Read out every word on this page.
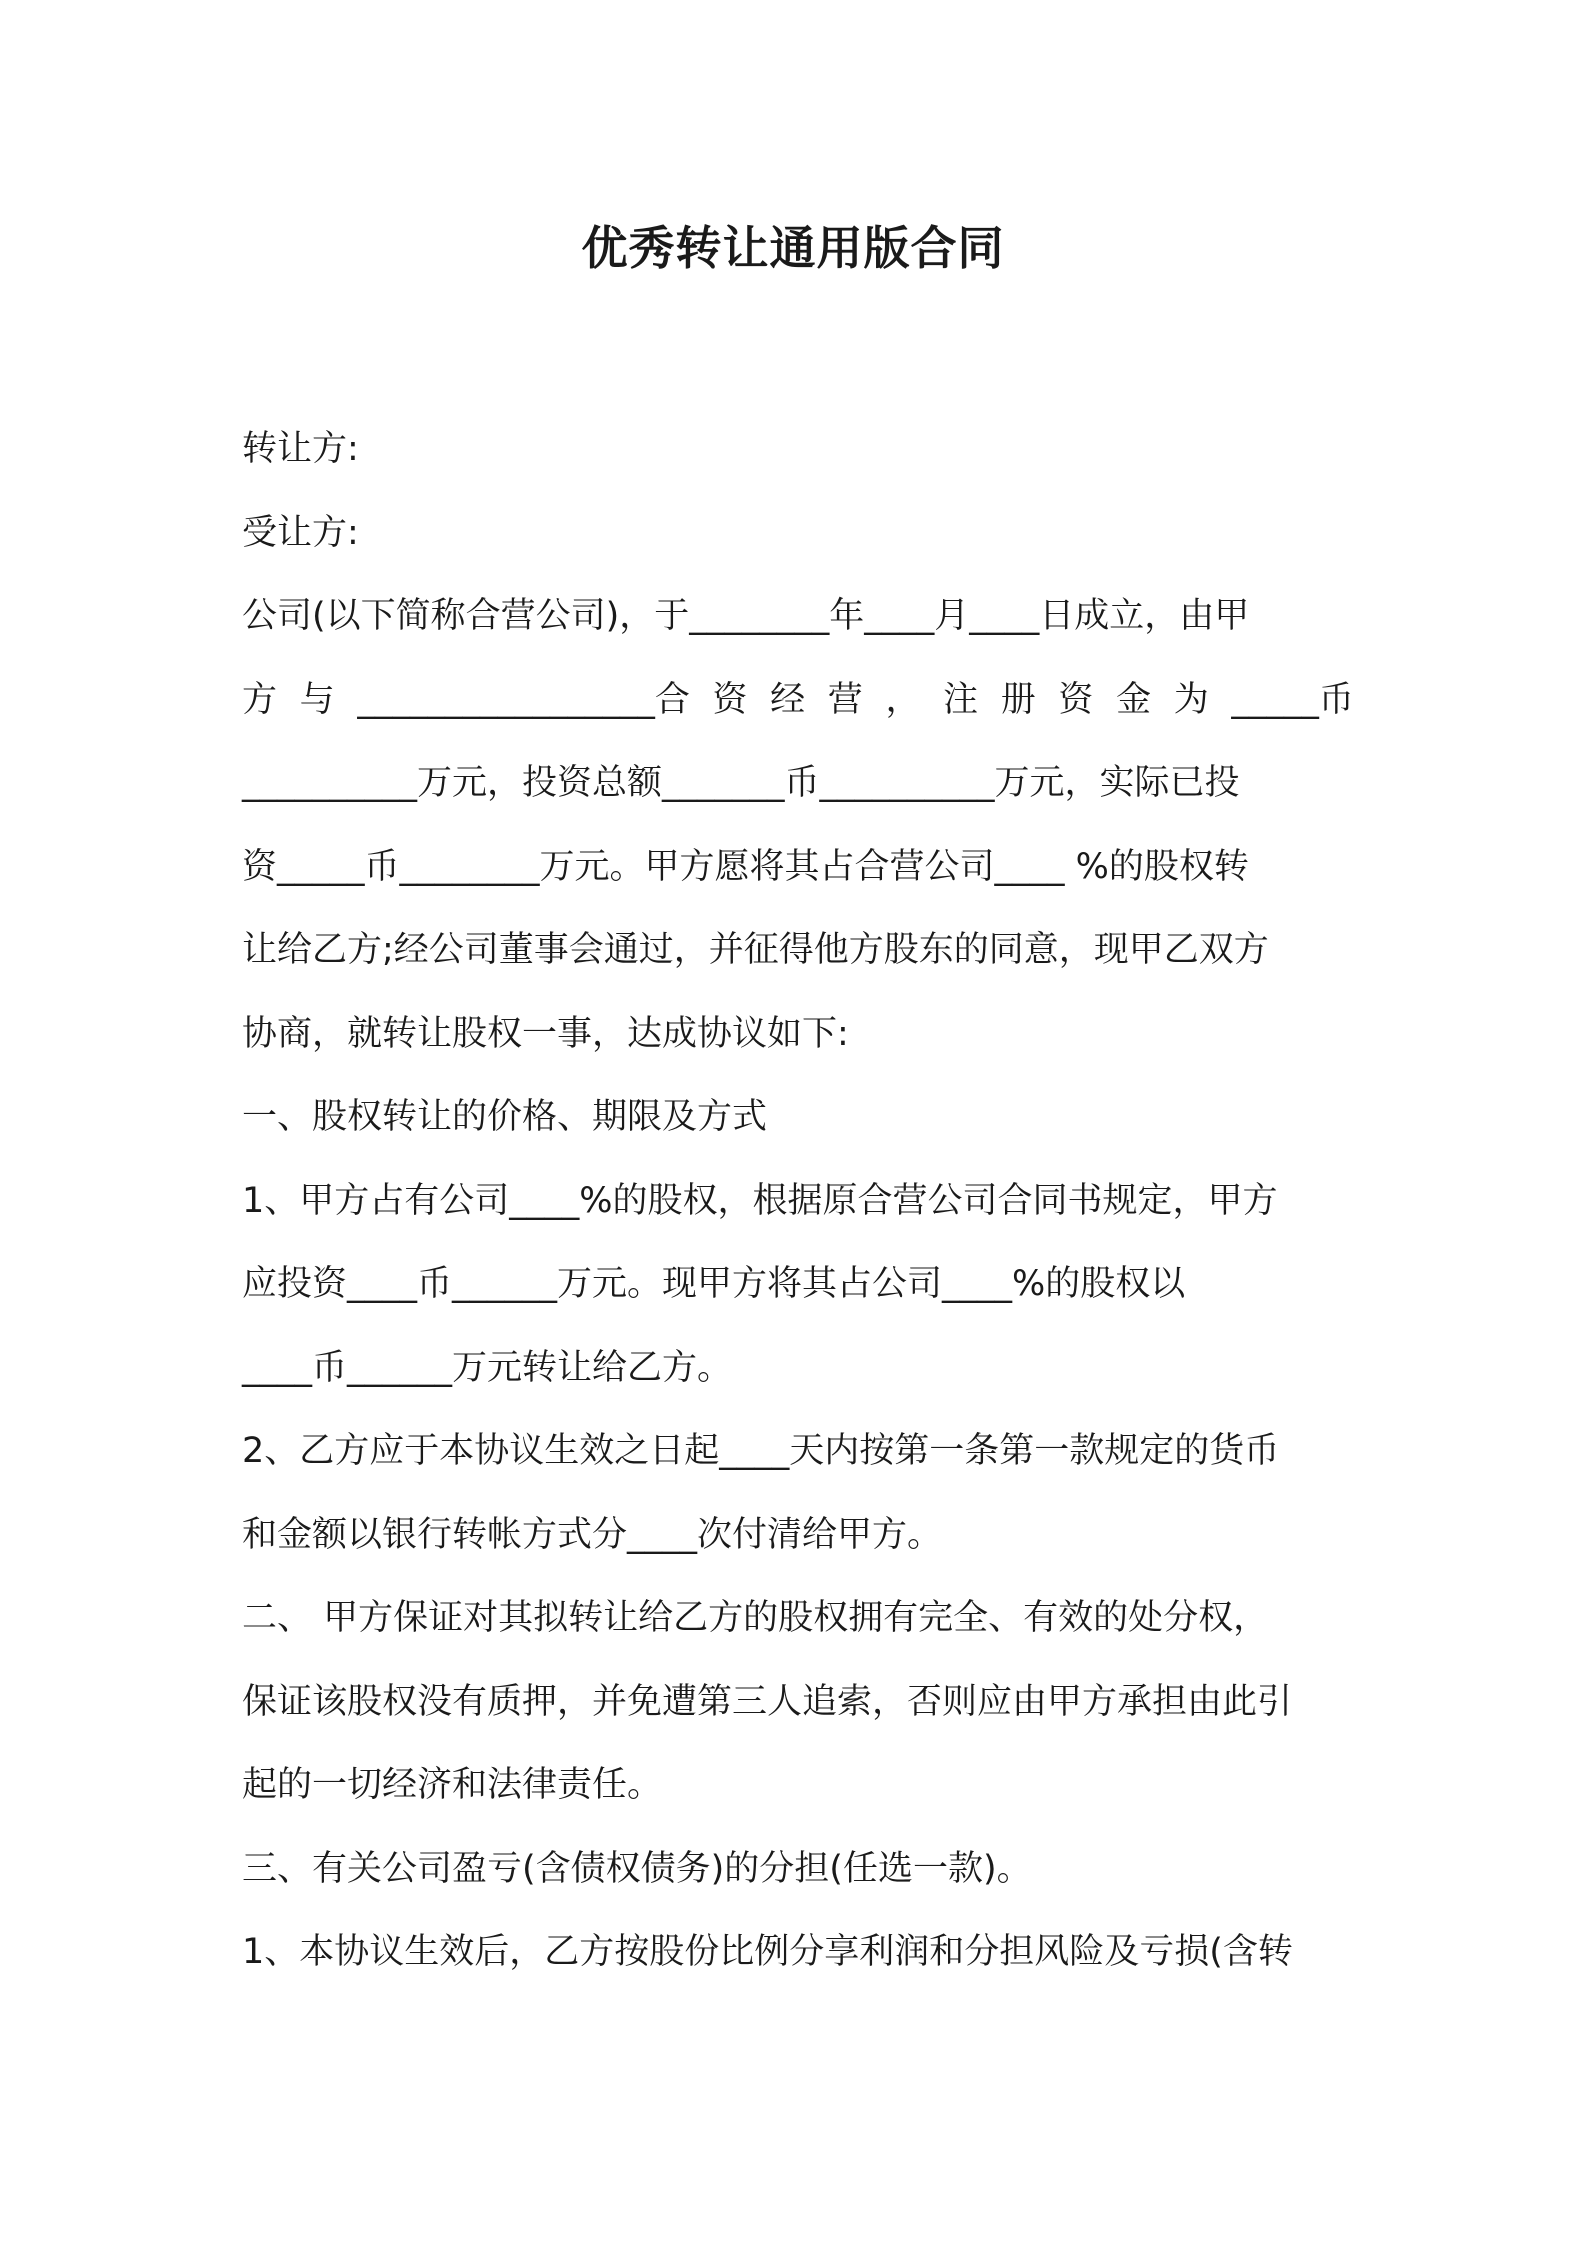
优秀转让通用版合同
转让方:
受让方:
公司(以下简称合营公司)，于________年____月____日成立，由甲
方 与 _________________合 资 经 营 ， 注 册 资 金 为 _____币
__________万元，投资总额_______币__________万元，实际已投
资_____币________万元。甲方愿将其占合营公司____ %的股权转
让给乙方;经公司董事会通过，并征得他方股东的同意，现甲乙双方
协商，就转让股权一事，达成协议如下:
一、股权转让的价格、期限及方式
1、甲方占有公司____%的股权，根据原合营公司合同书规定，甲方
应投资____币______万元。现甲方将其占公司____%的股权以
____币______万元转让给乙方。
2、乙方应于本协议生效之日起____天内按第一条第一款规定的货币
和金额以银行转帐方式分____次付清给甲方。
二、 甲方保证对其拟转让给乙方的股权拥有完全、有效的处分权，
保证该股权没有质押，并免遭第三人追索，否则应由甲方承担由此引
起的一切经济和法律责任。
三、有关公司盈亏(含债权债务)的分担(任选一款)。
1、本协议生效后，乙方按股份比例分享利润和分担风险及亏损(含转
